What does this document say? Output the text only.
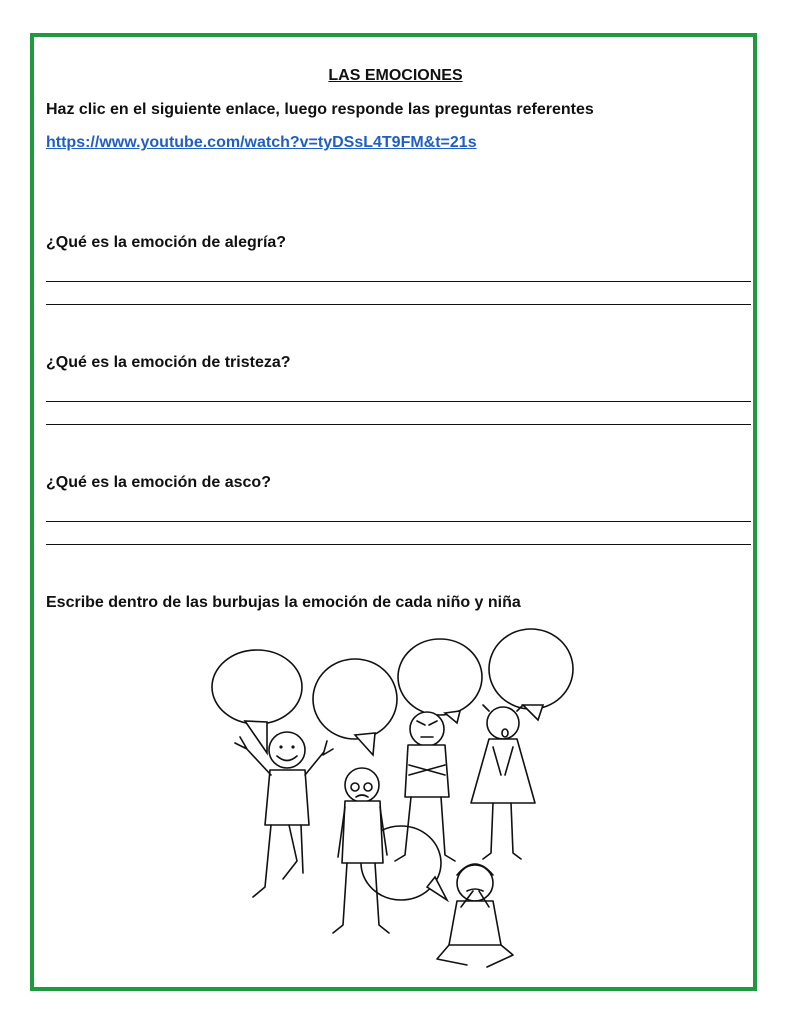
LAS EMOCIONES
Haz clic en el siguiente enlace, luego responde las preguntas referentes
https://www.youtube.com/watch?v=tyDSsL4T9FM&t=21s
¿Qué es la emoción de alegría?
¿Qué es la emoción de tristeza?
¿Qué es la emoción de asco?
Escribe dentro de las burbujas la emoción de cada niño y niña
